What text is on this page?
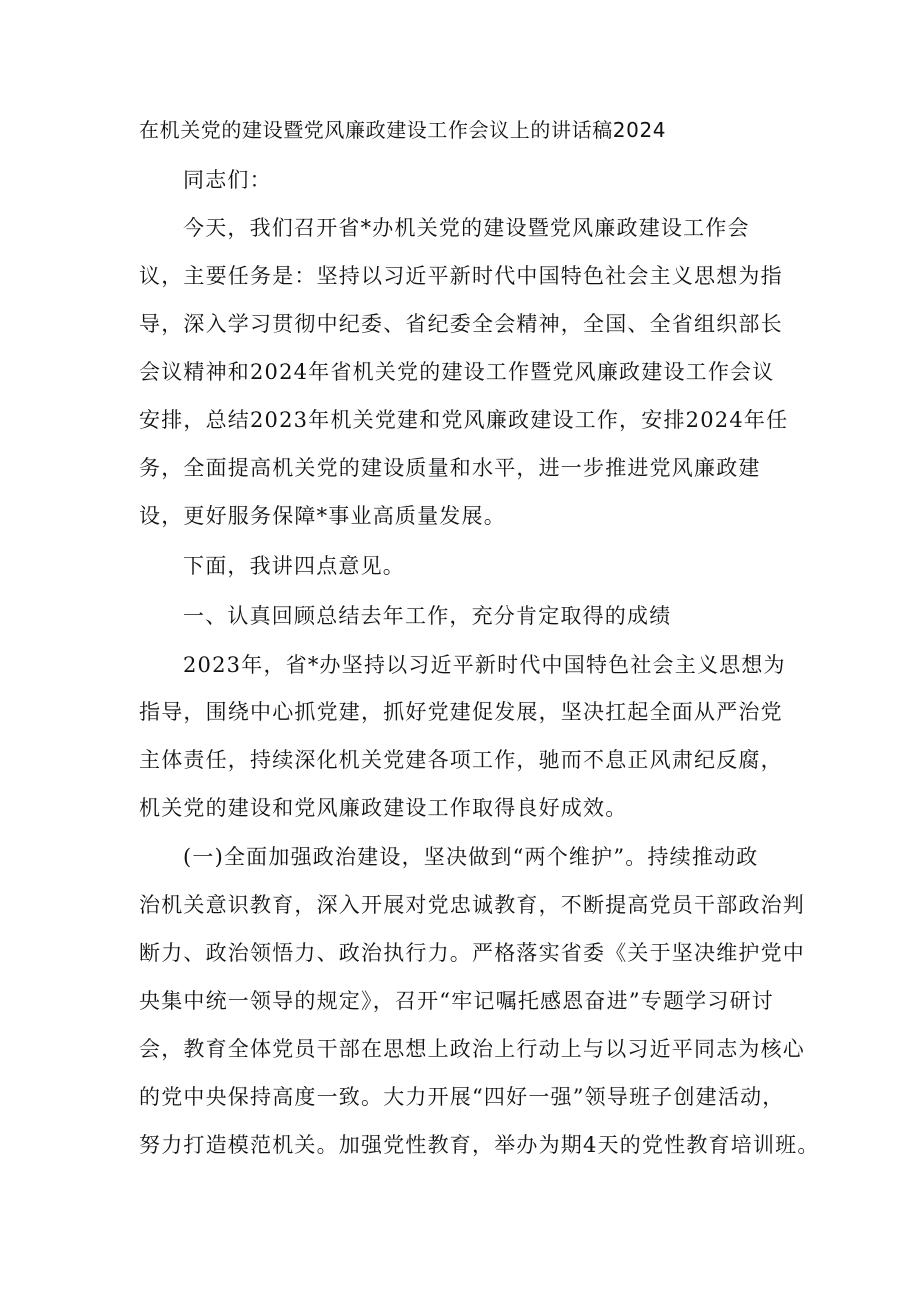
在机关党的建设暨党风廉政建设工作会议上的讲话稿2024
同志们：
今天，我们召开省*办机关党的建设暨党风廉政建设工作会
议，主要任务是：坚持以习近平新时代中国特色社会主义思想为指
导，深入学习贯彻中纪委、省纪委全会精神，全国、全省组织部长
会议精神和2024年省机关党的建设工作暨党风廉政建设工作会议
安排，总结2023年机关党建和党风廉政建设工作，安排2024年任
务，全面提高机关党的建设质量和水平，进一步推进党风廉政建
设，更好服务保障*事业高质量发展。
下面，我讲四点意见。
一、认真回顾总结去年工作，充分肯定取得的成绩
2023年，省*办坚持以习近平新时代中国特色社会主义思想为
指导，围绕中心抓党建，抓好党建促发展，坚决扛起全面从严治党
主体责任，持续深化机关党建各项工作，驰而不息正风肃纪反腐，
机关党的建设和党风廉政建设工作取得良好成效。
(一)全面加强政治建设，坚决做到“两个维护”。持续推动政
治机关意识教育，深入开展对党忠诚教育，不断提高党员干部政治判
断力、政治领悟力、政治执行力。严格落实省委《关于坚决维护党中
央集中统一领导的规定》，召开“牢记嘱托感恩奋进”专题学习研讨
会，教育全体党员干部在思想上政治上行动上与以习近平同志为核心
的党中央保持高度一致。大力开展“四好一强”领导班子创建活动，
努力打造模范机关。加强党性教育，举办为期4天的党性教育培训班。
